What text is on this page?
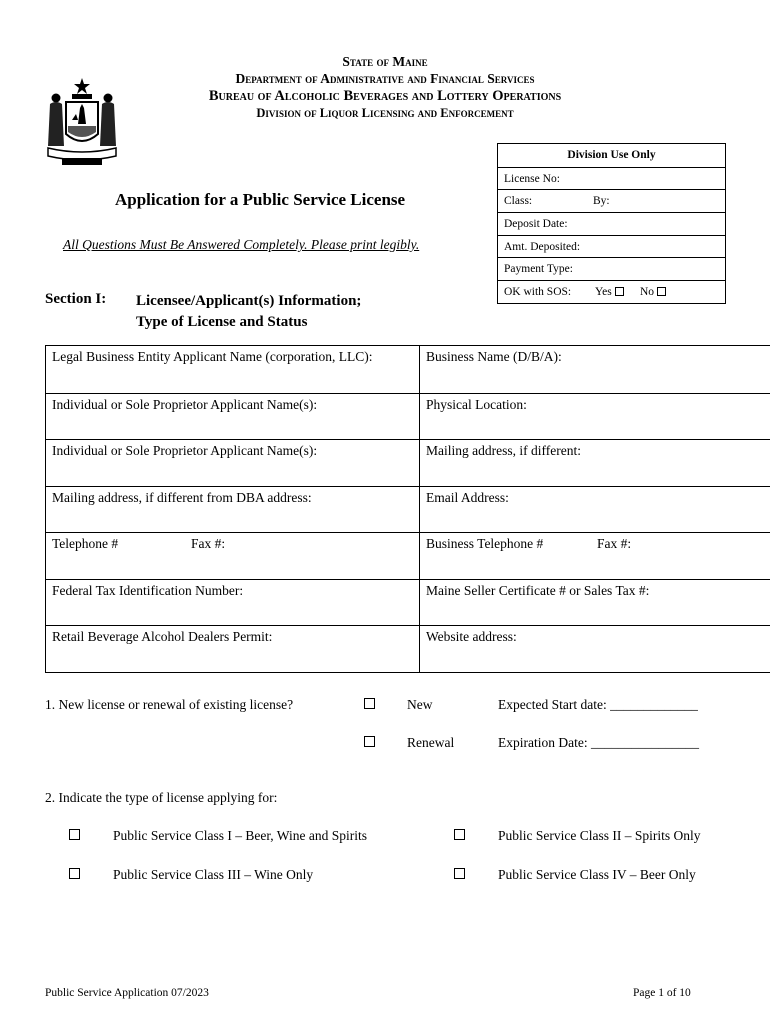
State of Maine
Department of Administrative and Financial Services
Bureau of Alcoholic Beverages and Lottery Operations
Division of Liquor Licensing and Enforcement
Division Use Only
License No:
Class:	By:
Deposit Date:
Amt. Deposited:
Payment Type:
OK with SOS: Yes	No
Application for a Public Service License
All Questions Must Be Answered Completely. Please print legibly.
Section I: Licensee/Applicant(s) Information;
Type of License and Status
Legal Business Entity Applicant Name (corporation, LLC):	Business Name (D/B/A):
Individual or Sole Proprietor Applicant Name(s):	Physical Location:
Individual or Sole Proprietor Applicant Name(s):	Mailing address, if different:
Mailing address, if different from DBA address:	Email Address:
Telephone #	Fax #:	Business Telephone #	Fax #:
Federal Tax Identification Number:	Maine Seller Certificate # or Sales Tax #:
Retail Beverage Alcohol Dealers Permit:	Website address:
1. New license or renewal of existing license?	New	Expected Start date: _____________
Renewal	Expiration Date: ________________
2. Indicate the type of license applying for:
Public Service Class I – Beer, Wine and Spirits	Public Service Class II – Spirits Only
Public Service Class III – Wine Only	Public Service Class IV – Beer Only
Public Service Application 07/2023	Page 1 of 10
